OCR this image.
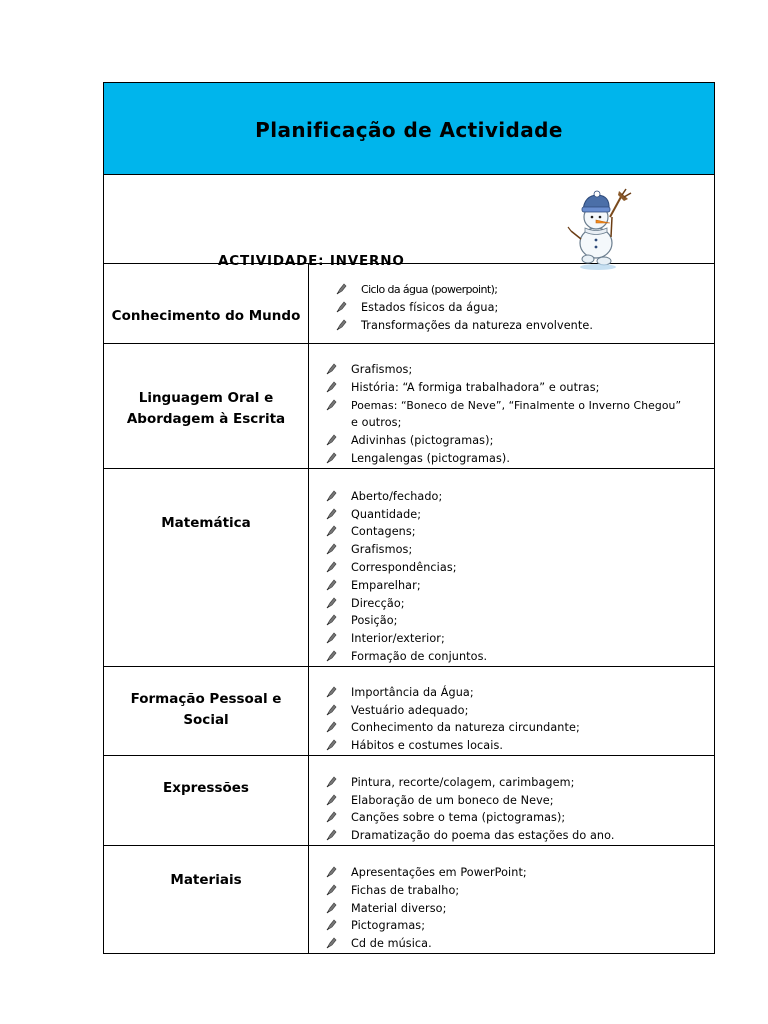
Planificação de Actividade
ACTIVIDADE: INVERNO
Conhecimento do Mundo
Ciclo da água (powerpoint);
Estados físicos da água;
Transformações da natureza envolvente.
Linguagem Oral e
Abordagem à Escrita
Grafismos;
História: “A formiga trabalhadora” e outras;
Poemas: “Boneco de Neve”, “Finalmente o Inverno Chegou”
e outros;
Adivinhas (pictogramas);
Lengalengas (pictogramas).
Matemática
Aberto/fechado;
Quantidade;
Contagens;
Grafismos;
Correspondências;
Emparelhar;
Direcção;
Posição;
Interior/exterior;
Formação de conjuntos.
Formação Pessoal e
Social
Importância da Água;
Vestuário adequado;
Conhecimento da natureza circundante;
Hábitos e costumes locais.
Expressões	Pintura, recorte/colagem, carimbagem;
Elaboração de um boneco de Neve;
Canções sobre o tema (pictogramas);
Dramatização do poema das estações do ano.
Materiais	Apresentações em PowerPoint;
Fichas de trabalho;
Material diverso;
Pictogramas;
Cd de música.
